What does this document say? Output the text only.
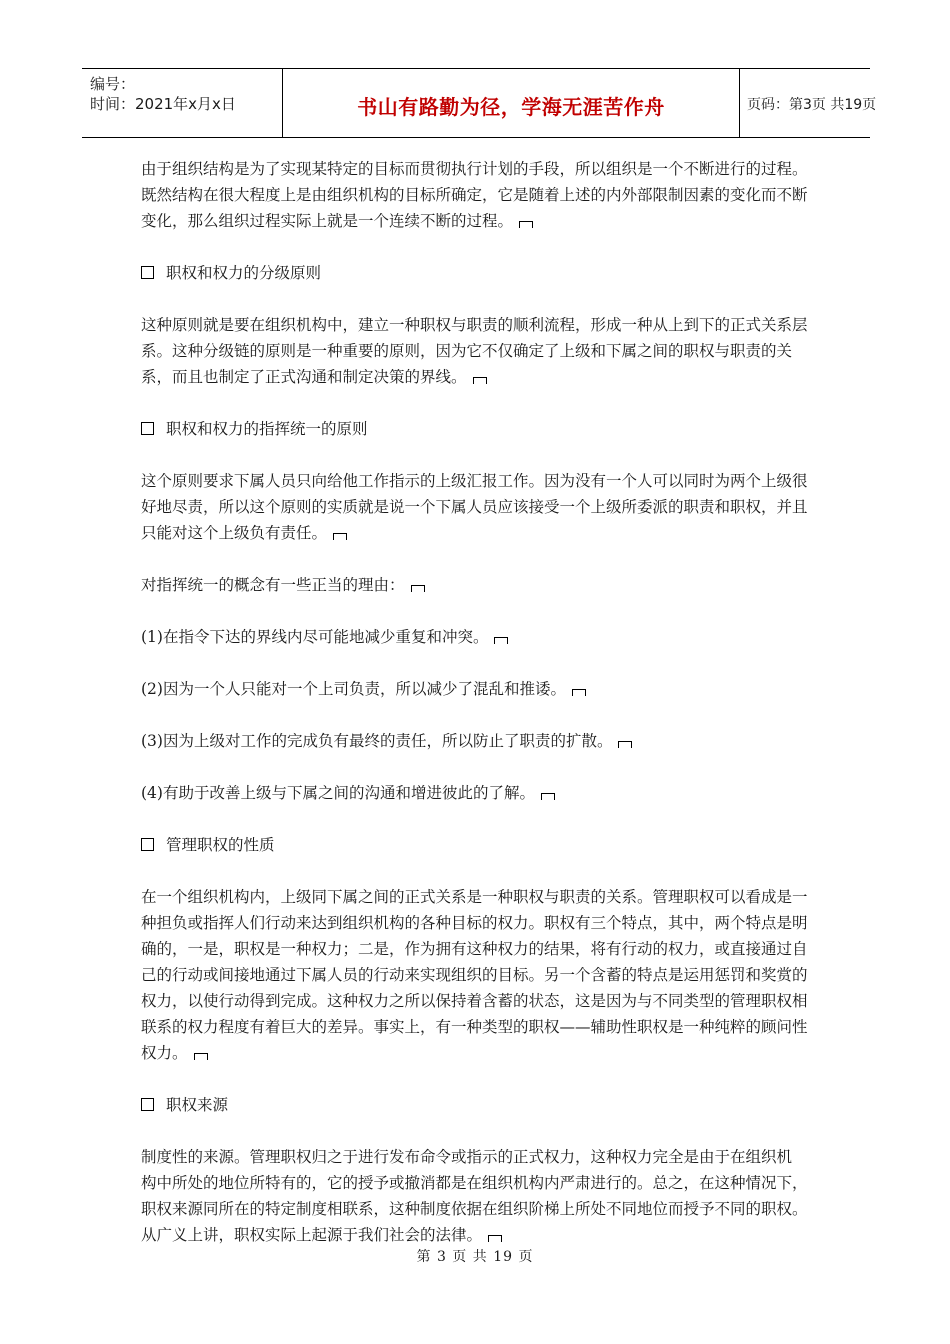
编号：
时间：2021年x月x日	书山有路勤为径，学海无涯苦作舟	页码：第3页 共19页

由于组织结构是为了实现某特定的目标而贯彻执行计划的手段，所以组织是一个不断进行的过程。既然结构在很大程度上是由组织机构的目标所确定，它是随着上述的内外部限制因素的变化而不断变化，那么组织过程实际上就是一个连续不断的过程。

职权和权力的分级原则

这种原则就是要在组织机构中，建立一种职权与职责的顺利流程，形成一种从上到下的正式关系层系。这种分级链的原则是一种重要的原则，因为它不仅确定了上级和下属之间的职权与职责的关系，而且也制定了正式沟通和制定决策的界线。

职权和权力的指挥统一的原则

这个原则要求下属人员只向给他工作指示的上级汇报工作。因为没有一个人可以同时为两个上级很好地尽责，所以这个原则的实质就是说一个下属人员应该接受一个上级所委派的职责和职权，并且只能对这个上级负有责任。

对指挥统一的概念有一些正当的理由：

(1)在指令下达的界线内尽可能地减少重复和冲突。

(2)因为一个人只能对一个上司负责，所以减少了混乱和推诿。

(3)因为上级对工作的完成负有最终的责任，所以防止了职责的扩散。

(4)有助于改善上级与下属之间的沟通和增进彼此的了解。

管理职权的性质

在一个组织机构内，上级同下属之间的正式关系是一种职权与职责的关系。管理职权可以看成是一种担负或指挥人们行动来达到组织机构的各种目标的权力。职权有三个特点，其中，两个特点是明确的，一是，职权是一种权力；二是，作为拥有这种权力的结果，将有行动的权力，或直接通过自己的行动或间接地通过下属人员的行动来实现组织的目标。另一个含蓄的特点是运用惩罚和奖赏的权力，以使行动得到完成。这种权力之所以保持着含蓄的状态，这是因为与不同类型的管理职权相联系的权力程度有着巨大的差异。事实上，有一种类型的职权——辅助性职权是一种纯粹的顾问性权力。

职权来源

制度性的来源。管理职权归之于进行发布命令或指示的正式权力，这种权力完全是由于在组织机

构中所处的地位所特有的，它的授予或撤消都是在组织机构内严肃进行的。总之，在这种情况下，职权来源同所在的特定制度相联系，这种制度依据在组织阶梯上所处不同地位而授予不同的职权。从广义上讲，职权实际上起源于我们社会的法律。

第 3 页 共 19 页
